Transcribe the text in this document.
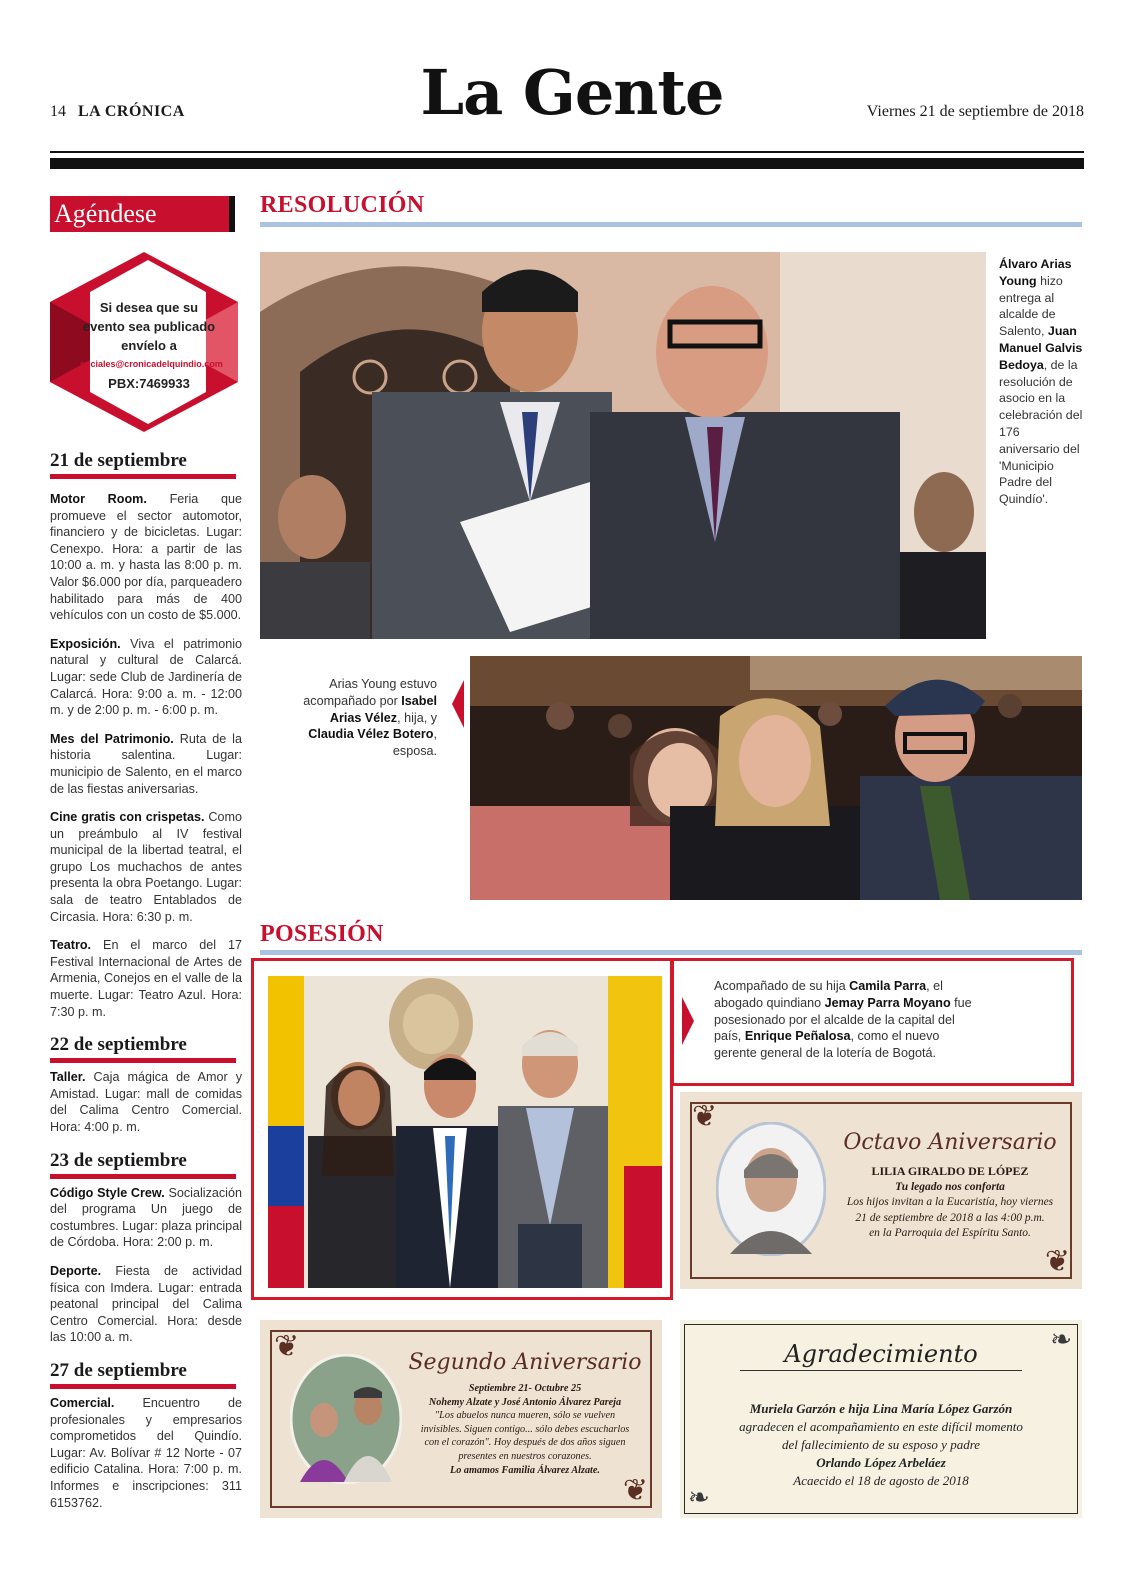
14 LA CRÓNICA	La Gente	Viernes 21 de septiembre de 2018
Agéndese
Si desea que su
evento sea publicado
envíelo a
sociales@cronicadelquindio.com
PBX:7469933
21 de septiembre
Motor Room. Feria que promueve el sector automotor, financiero y de bicicletas. Lugar: Cenexpo. Hora: a partir de las 10:00 a. m. y hasta las 8:00 p. m. Valor $6.000 por día, parqueadero habilitado para más de 400 vehículos con un costo de $5.000.
Exposición. Viva el patrimonio natural y cultural de Calarcá. Lugar: sede Club de Jardinería de Calarcá. Hora: 9:00 a. m. - 12:00 m. y de 2:00 p. m. - 6:00 p. m.
Mes del Patrimonio. Ruta de la historia salentina. Lugar: municipio de Salento, en el marco de las fiestas aniversarias.
Cine gratis con crispetas. Como un preámbulo al IV festival municipal de la libertad teatral, el grupo Los muchachos de antes presenta la obra Poetango. Lugar: sala de teatro Entablados de Circasia. Hora: 6:30 p. m.
Teatro. En el marco del 17 Festival Internacional de Artes de Armenia, Conejos en el valle de la muerte. Lugar: Teatro Azul. Hora: 7:30 p. m.
22 de septiembre
Taller. Caja mágica de Amor y Amistad. Lugar: mall de comidas del Calima Centro Comercial. Hora: 4:00 p. m.
23 de septiembre
Código Style Crew. Socialización del programa Un juego de costumbres. Lugar: plaza principal de Córdoba. Hora: 2:00 p. m.
Deporte. Fiesta de actividad física con Imdera. Lugar: entrada peatonal principal del Calima Centro Comercial. Hora: desde las 10:00 a. m.
27 de septiembre
Comercial. Encuentro de profesionales y empresarios comprometidos del Quindío. Lugar: Av. Bolívar # 12 Norte - 07 edificio Catalina. Hora: 7:00 p. m. Informes e inscripciones: 311 6153762.
RESOLUCIÓN
Álvaro Arias Young hizo entrega al alcalde de Salento, Juan Manuel Galvis Bedoya, de la resolución de asocio en la celebración del 176 aniversario del 'Municipio Padre del Quindío'.
Arias Young estuvo acompañado por Isabel Arias Vélez, hija, y Claudia Vélez Botero, esposa.
POSESIÓN
Acompañado de su hija Camila Parra, el abogado quindiano Jemay Parra Moyano fue posesionado por el alcalde de la capital del país, Enrique Peñalosa, como el nuevo gerente general de la lotería de Bogotá.
❦
❦
Octavo Aniversario
LILIA GIRALDO DE LÓPEZ
Tu legado nos conforta
Los hijos invitan a la Eucaristía, hoy viernes
21 de septiembre de 2018 a las 4:00 p.m.
en la Parroquia del Espíritu Santo.
❦
❦
Segundo Aniversario
Septiembre 21- Octubre 25
Nohemy Alzate y José Antonio Álvarez Pareja
"Los abuelos nunca mueren, sólo se vuelven
invisibles. Siguen contigo... sólo debes escucharlos
con el corazón". Hoy después de dos años siguen
presentes en nuestros corazones.
Lo amamos Familia Álvarez Alzate.
❧
❧
Agradecimiento
Muriela Garzón e hija Lina María López Garzón
agradecen el acompañamiento en este difícil momento
del fallecimiento de su esposo y padre
Orlando López Arbeláez
Acaecido el 18 de agosto de 2018
